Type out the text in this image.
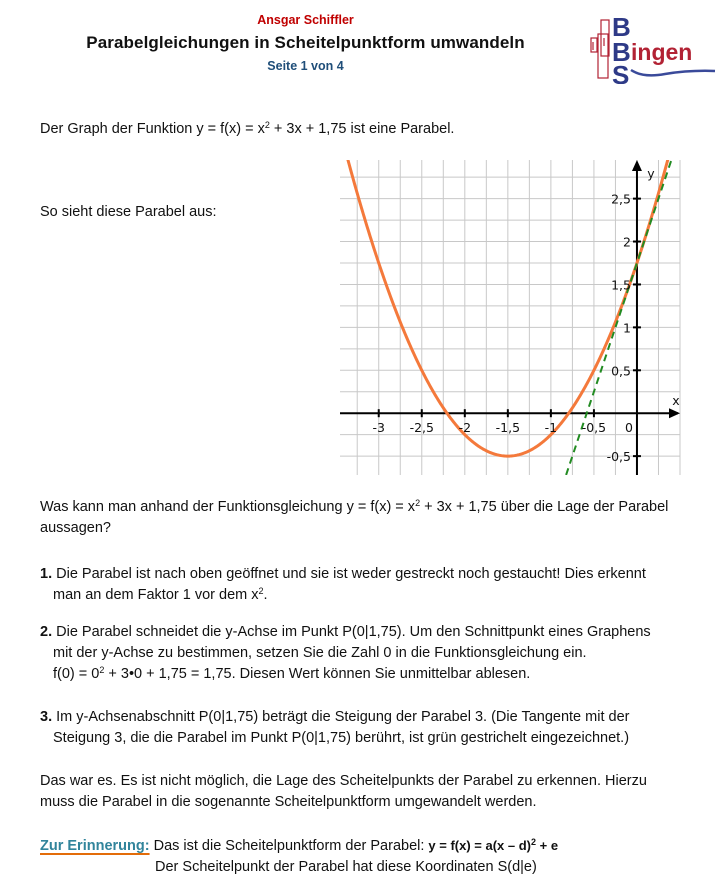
Ansgar Schiffler
Parabelgleichungen in Scheitelpunktform umwandeln
Seite 1 von 4
B
B ingen
S
Der Graph der Funktion $y = f(x) = x^2 + 3x + 1,75$ ist eine Parabel.
So sieht diese Parabel aus:
-3 -2,5 -2 -1,5 -1 -0,5 0
-0,5
0,5
1
1,5
2
2,5
x
y
Was kann man anhand der Funktionsgleichung $y = f(x) = x^2 + 3x + 1,75$ über die Lage der Parabel
aussagen?
1. Die Parabel ist nach oben geöffnet und sie ist weder gestreckt noch gestaucht! Dies erkennt
man an dem Faktor 1 vor dem $x^2$.
2. Die Parabel schneidet die y-Achse im Punkt P(0|1,75). Um den Schnittpunkt eines Graphens
mit der y-Achse zu bestimmen, setzen Sie die Zahl 0 in die Funktionsgleichung ein.
$f(0) = 0^2$ + 3•0 + 1,75 = 1,75. Diesen Wert können Sie unmittelbar ablesen.
3. Im y-Achsenabschnitt P(0|1,75) beträgt die Steigung der Parabel 3. (Die Tangente mit der
Steigung 3, die die Parabel im Punkt P(0|1,75) berührt, ist grün gestrichelt eingezeichnet.)
Das war es. Es ist nicht möglich, die Lage des Scheitelpunkts der Parabel zu erkennen. Hierzu
muss die Parabel in die sogenannte Scheitelpunktform umgewandelt werden.
Zur Erinnerung: Das ist die Scheitelpunktform der Parabel: y = f(x) = a(x – d)$^2$ + e
Der Scheitelpunkt der Parabel hat diese Koordinaten S(d|e)
